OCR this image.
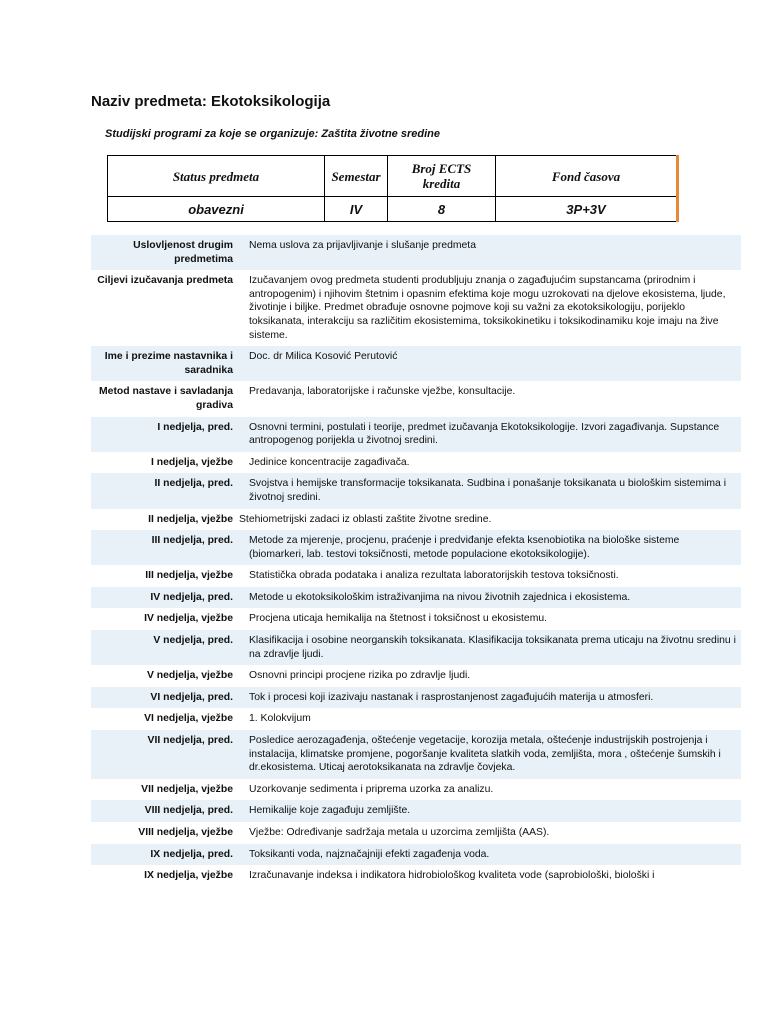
Naziv predmeta: Ekotoksikologija
Studijski programi za koje se organizuje: Zaštita životne sredine
Status predmeta	Semestar	Broj ECTS kredita	Fond časova
obavezni	IV	8	3P+3V
Uslovljenost drugim predmetima	Nema uslova za prijavljivanje i slušanje predmeta
Ciljevi izučavanja predmeta	Izučavanjem ovog predmeta studenti produbljuju znanja o zagađujućim supstancama (prirodnim i antropogenim) i njihovim štetnim i opasnim efektima koje mogu uzrokovati na djelove ekosistema, ljude, životinje i biljke. Predmet obrađuje osnovne pojmove koji su važni za ekotoksikologiju, porijeklo toksikanata, interakciju sa različitim ekosistemima, toksikokinetiku i toksikodinamiku koje imaju na žive sisteme.
Ime i prezime nastavnika i saradnika	Doc. dr Milica Kosović Perutović
Metod nastave i savladanja gradiva	Predavanja, laboratorijske i računske vježbe, konsultacije.
I nedjelja, pred.	Osnovni termini, postulati i teorije, predmet izučavanja Ekotoksikologije. Izvori zagađivanja. Supstance antropogenog porijekla u životnoj sredini.
I nedjelja, vježbe	Jedinice koncentracije zagađivača.
II nedjelja, pred.	Svojstva i hemijske transformacije toksikanata. Sudbina i ponašanje toksikanata u biološkim sistemima i životnoj sredini.
II nedjelja, vježbe	Stehiometrijski zadaci iz oblasti zaštite životne sredine.
III nedjelja, pred.	Metode za mjerenje, procjenu, praćenje i predviđanje efekta ksenobiotika na biološke sisteme (biomarkeri, lab. testovi toksičnosti, metode populacione ekotoksikologije).
III nedjelja, vježbe	Statistička obrada podataka i analiza rezultata laboratorijskih testova toksičnosti.
IV nedjelja, pred.	Metode u ekotoksikološkim istraživanjima na nivou životnih zajednica i ekosistema.
IV nedjelja, vježbe	Procjena uticaja hemikalija na štetnost i toksičnost u ekosistemu.
V nedjelja, pred.	Klasifikacija i osobine neorganskih toksikanata. Klasifikacija toksikanata prema uticaju na životnu sredinu i na zdravlje ljudi.
V nedjelja, vježbe	Osnovni principi procjene rizika po zdravlje ljudi.
VI nedjelja, pred.	Tok i procesi koji izazivaju nastanak i rasprostanjenost zagađujućih materija u atmosferi.
VI nedjelja, vježbe	1. Kolokvijum
VII nedjelja, pred.	Posledice aerozagađenja, oštećenje vegetacije, korozija metala, oštećenje industrijskih postrojenja i instalacija, klimatske promjene, pogoršanje kvaliteta slatkih voda, zemljišta, mora , oštećenje šumskih i dr.ekosistema. Uticaj aerotoksikanata na zdravlje čovjeka.
VII nedjelja, vježbe	Uzorkovanje sedimenta i priprema uzorka za analizu.
VIII nedjelja, pred.	Hemikalije koje zagađuju zemljište.
VIII nedjelja, vježbe	Vježbe: Određivanje sadržaja metala u uzorcima zemljišta (AAS).
IX nedjelja, pred.	Toksikanti voda, najznačajniji efekti zagađenja voda.
IX nedjelja, vježbe	Izračunavanje indeksa i indikatora hidrobiološkog kvaliteta vode (saprobiološki, biološki i
